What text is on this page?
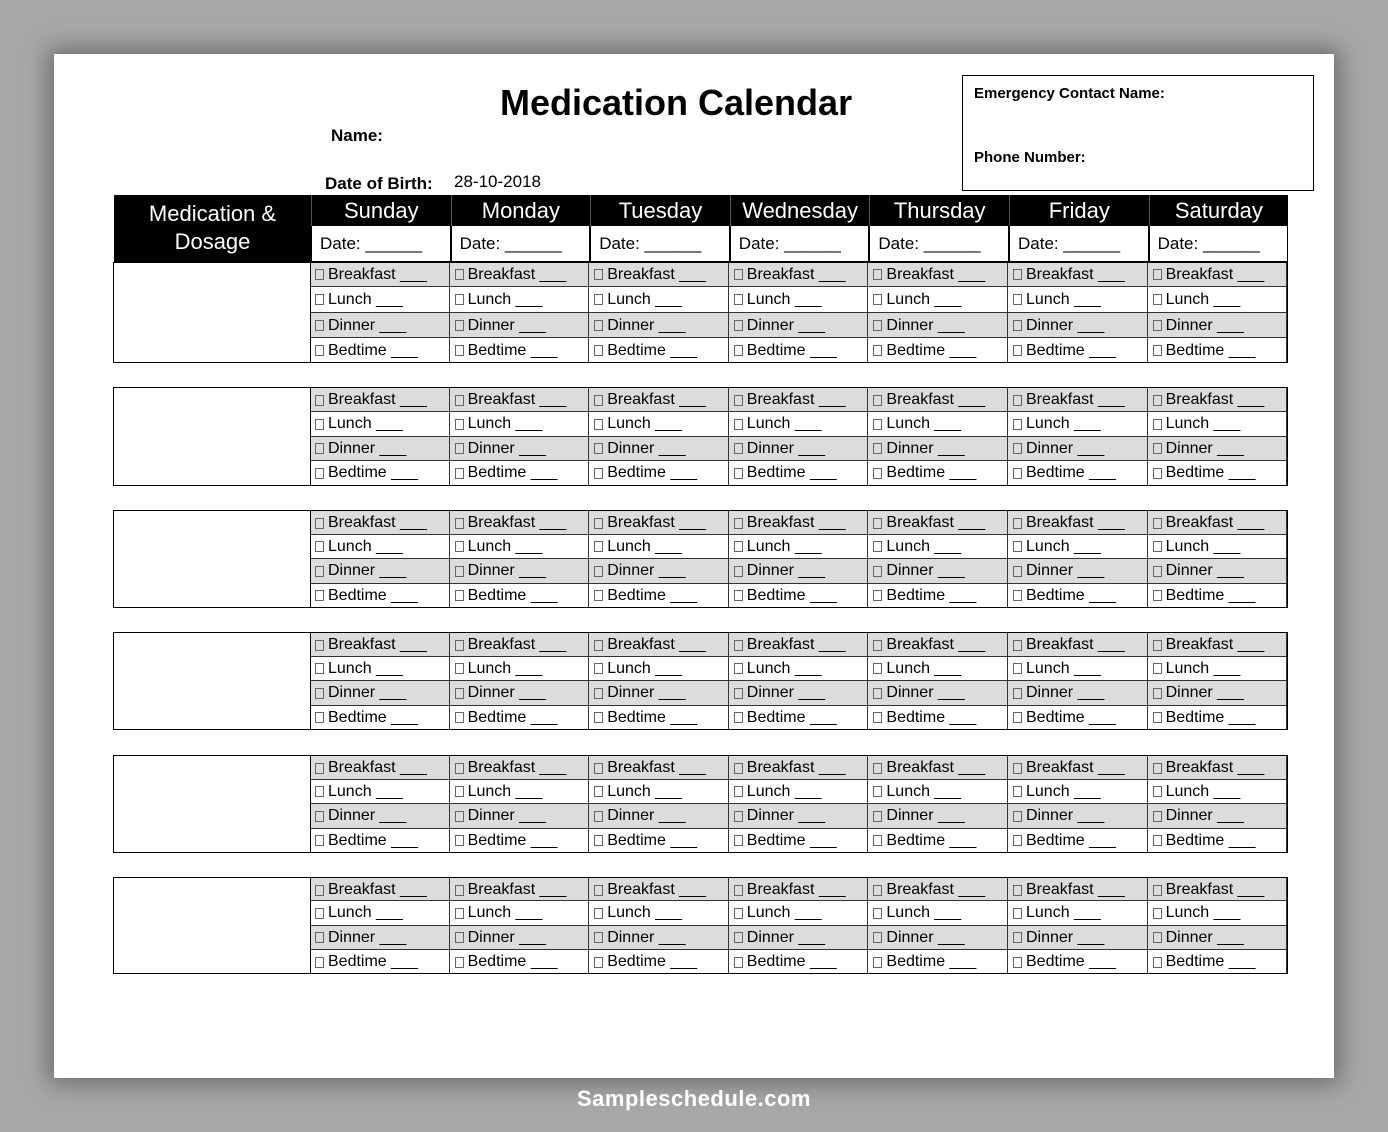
Medication Calendar
Name:
Date of Birth: 28-10-2018
Emergency Contact Name:
Phone Number:
Medication &
Dosage
Sunday
Date: ______
Monday
Date: ______
Tuesday
Date: ______
Wednesday
Date: ______
Thursday
Date: ______
Friday
Date: ______
Saturday
Date: ______
Breakfast ___
Lunch ___
Dinner ___
Bedtime ___
Breakfast ___
Lunch ___
Dinner ___
Bedtime ___
Breakfast ___
Lunch ___
Dinner ___
Bedtime ___
Breakfast ___
Lunch ___
Dinner ___
Bedtime ___
Breakfast ___
Lunch ___
Dinner ___
Bedtime ___
Breakfast ___
Lunch ___
Dinner ___
Bedtime ___
Breakfast ___
Lunch ___
Dinner ___
Bedtime ___
Breakfast ___
Lunch ___
Dinner ___
Bedtime ___
Breakfast ___
Lunch ___
Dinner ___
Bedtime ___
Breakfast ___
Lunch ___
Dinner ___
Bedtime ___
Breakfast ___
Lunch ___
Dinner ___
Bedtime ___
Breakfast ___
Lunch ___
Dinner ___
Bedtime ___
Breakfast ___
Lunch ___
Dinner ___
Bedtime ___
Breakfast ___
Lunch ___
Dinner ___
Bedtime ___
Breakfast ___
Lunch ___
Dinner ___
Bedtime ___
Breakfast ___
Lunch ___
Dinner ___
Bedtime ___
Breakfast ___
Lunch ___
Dinner ___
Bedtime ___
Breakfast ___
Lunch ___
Dinner ___
Bedtime ___
Breakfast ___
Lunch ___
Dinner ___
Bedtime ___
Breakfast ___
Lunch ___
Dinner ___
Bedtime ___
Breakfast ___
Lunch ___
Dinner ___
Bedtime ___
Breakfast ___
Lunch ___
Dinner ___
Bedtime ___
Breakfast ___
Lunch ___
Dinner ___
Bedtime ___
Breakfast ___
Lunch ___
Dinner ___
Bedtime ___
Breakfast ___
Lunch ___
Dinner ___
Bedtime ___
Breakfast ___
Lunch ___
Dinner ___
Bedtime ___
Breakfast ___
Lunch ___
Dinner ___
Bedtime ___
Breakfast ___
Lunch ___
Dinner ___
Bedtime ___
Breakfast ___
Lunch ___
Dinner ___
Bedtime ___
Breakfast ___
Lunch ___
Dinner ___
Bedtime ___
Breakfast ___
Lunch ___
Dinner ___
Bedtime ___
Breakfast ___
Lunch ___
Dinner ___
Bedtime ___
Breakfast ___
Lunch ___
Dinner ___
Bedtime ___
Breakfast ___
Lunch ___
Dinner ___
Bedtime ___
Breakfast ___
Lunch ___
Dinner ___
Bedtime ___
Breakfast ___
Lunch ___
Dinner ___
Bedtime ___
Breakfast ___
Lunch ___
Dinner ___
Bedtime ___
Breakfast ___
Lunch ___
Dinner ___
Bedtime ___
Breakfast ___
Lunch ___
Dinner ___
Bedtime ___
Breakfast ___
Lunch ___
Dinner ___
Bedtime ___
Breakfast ___
Lunch ___
Dinner ___
Bedtime ___
Breakfast ___
Lunch ___
Dinner ___
Bedtime ___
Sampleschedule.com
